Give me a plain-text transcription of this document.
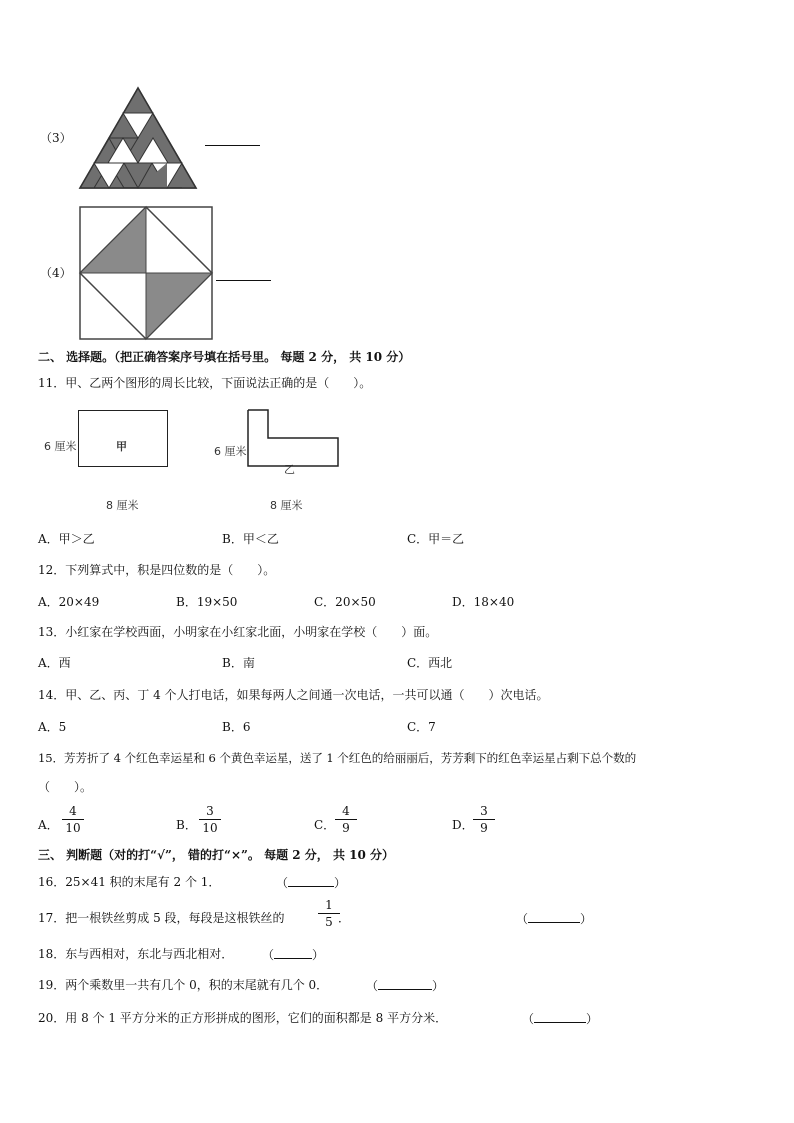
（3）
（4）
二、 选择题。（把正确答案序号填在括号里。 每题 2 分， 共 10 分）
11．甲、乙两个图形的周长比较，下面说法正确的是（　　）。
6 厘米	甲
8 厘米
6 厘米
乙
8 厘米
A．甲＞乙	B．甲＜乙	C．甲＝乙
12．下列算式中，积是四位数的是（　　）。
A．20×49	B．19×50	C．20×50	D．18×40
13．小红家在学校西面，小明家在小红家北面，小明家在学校（　　）面。
A．西	B．南	C．西北
14．甲、乙、丙、丁 4 个人打电话，如果每两人之间通一次电话，一共可以通（　　）次电话。
A．5	B．6	C．7
15．芳芳折了 4 个红色幸运星和 6 个黄色幸运星，送了 1 个红色的给丽丽后，芳芳剩下的红色幸运星占剩下总个数的
（　　）。
A． $\frac{4}{10}$	B． $\frac{3}{10}$	C． $\frac{4}{9}$	D． $\frac{3}{9}$
三、 判断题（对的打“√”， 错的打“×”。 每题 2 分， 共 10 分）
16．25×41 积的末尾有 2 个 1．	（	）
17．把一根铁丝剪成 5 段，每段是这根铁丝的	$\frac{1}{5}$
．	（	）
18．东与西相对，东北与西北相对． （	）
19．两个乘数里一共有几个 0，积的末尾就有几个 0．	（	）
20．用 8 个 1 平方分米的正方形拼成的图形，它们的面积都是 8 平方分米．	（	）
